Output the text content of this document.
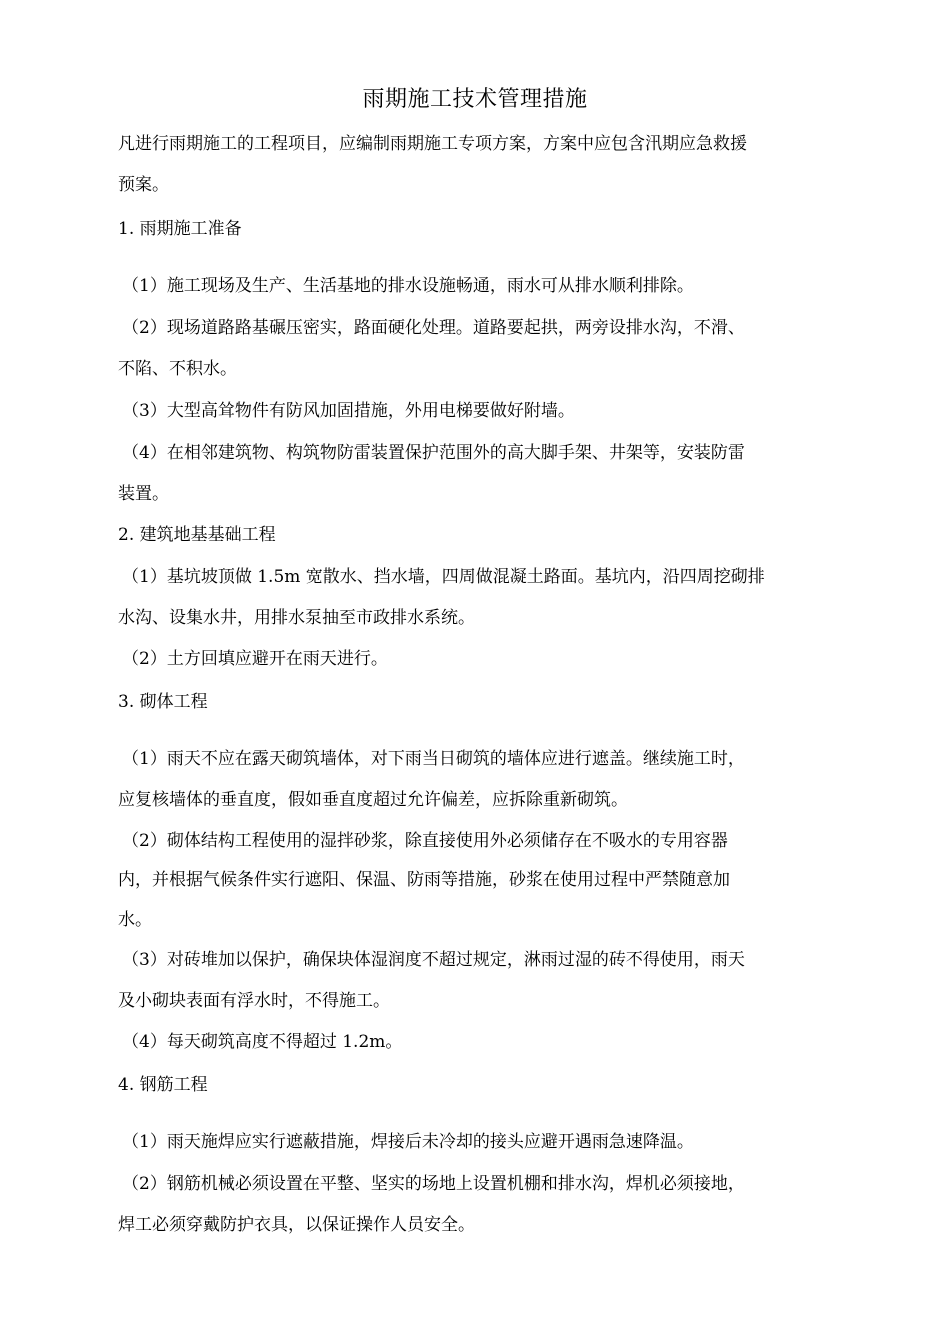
雨期施工技术管理措施
凡进行雨期施工的工程项目，应编制雨期施工专项方案，方案中应包含汛期应急救援
预案。
1. 雨期施工准备
（1）施工现场及生产、生活基地的排水设施畅通，雨水可从排水顺利排除。
（2）现场道路路基碾压密实，路面硬化处理。道路要起拱，两旁设排水沟，不滑、
不陷、不积水。
（3）大型高耸物件有防风加固措施，外用电梯要做好附墙。
（4）在相邻建筑物、构筑物防雷装置保护范围外的高大脚手架、井架等，安装防雷
装置。
2. 建筑地基基础工程
（1）基坑坡顶做 1.5m 宽散水、挡水墙，四周做混凝土路面。基坑内，沿四周挖砌排
水沟、设集水井，用排水泵抽至市政排水系统。
（2）土方回填应避开在雨天进行。
3. 砌体工程
（1）雨天不应在露天砌筑墙体，对下雨当日砌筑的墙体应进行遮盖。继续施工时，
应复核墙体的垂直度，假如垂直度超过允许偏差，应拆除重新砌筑。
（2）砌体结构工程使用的湿拌砂浆，除直接使用外必须储存在不吸水的专用容器
内，并根据气候条件实行遮阳、保温、防雨等措施，砂浆在使用过程中严禁随意加
水。
（3）对砖堆加以保护，确保块体湿润度不超过规定，淋雨过湿的砖不得使用，雨天
及小砌块表面有浮水时，不得施工。
（4）每天砌筑高度不得超过 1.2m。
4. 钢筋工程
（1）雨天施焊应实行遮蔽措施，焊接后未冷却的接头应避开遇雨急速降温。
（2）钢筋机械必须设置在平整、坚实的场地上设置机棚和排水沟，焊机必须接地，
焊工必须穿戴防护衣具，以保证操作人员安全。
